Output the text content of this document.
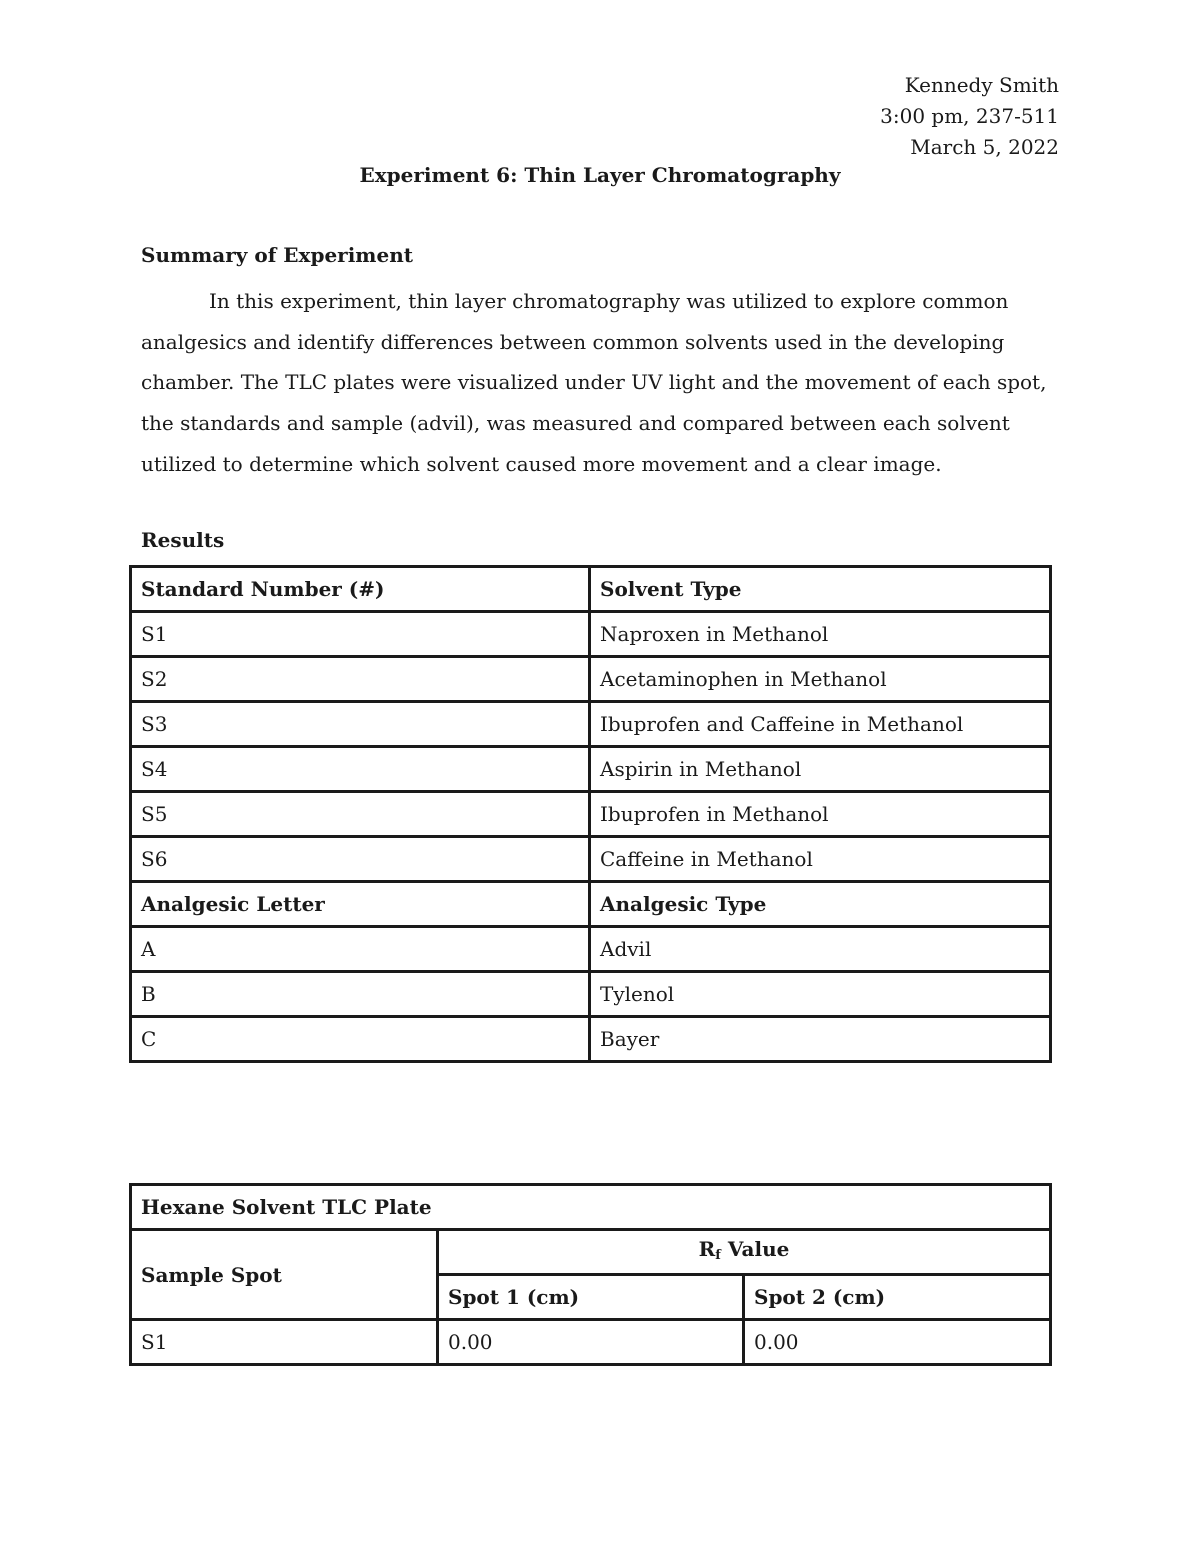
Kennedy Smith
3:00 pm, 237-511
March 5, 2022
Experiment 6: Thin Layer Chromatography
Summary of Experiment
In this experiment, thin layer chromatography was utilized to explore common analgesics and identify differences between common solvents used in the developing chamber. The TLC plates were visualized under UV light and the movement of each spot, the standards and sample (advil), was measured and compared between each solvent utilized to determine which solvent caused more movement and a clear image.
Results
Standard Number (#)	Solvent Type
S1	Naproxen in Methanol
S2	Acetaminophen in Methanol
S3	Ibuprofen and Caffeine in Methanol
S4	Aspirin in Methanol
S5	Ibuprofen in Methanol
S6	Caffeine in Methanol
Analgesic Letter	Analgesic Type
A	Advil
B	Tylenol
C	Bayer
Hexane Solvent TLC Plate		
Sample Spot	$R_f$ Value	
	Spot 1 (cm)	Spot 2 (cm)
S1	0.00	0.00
